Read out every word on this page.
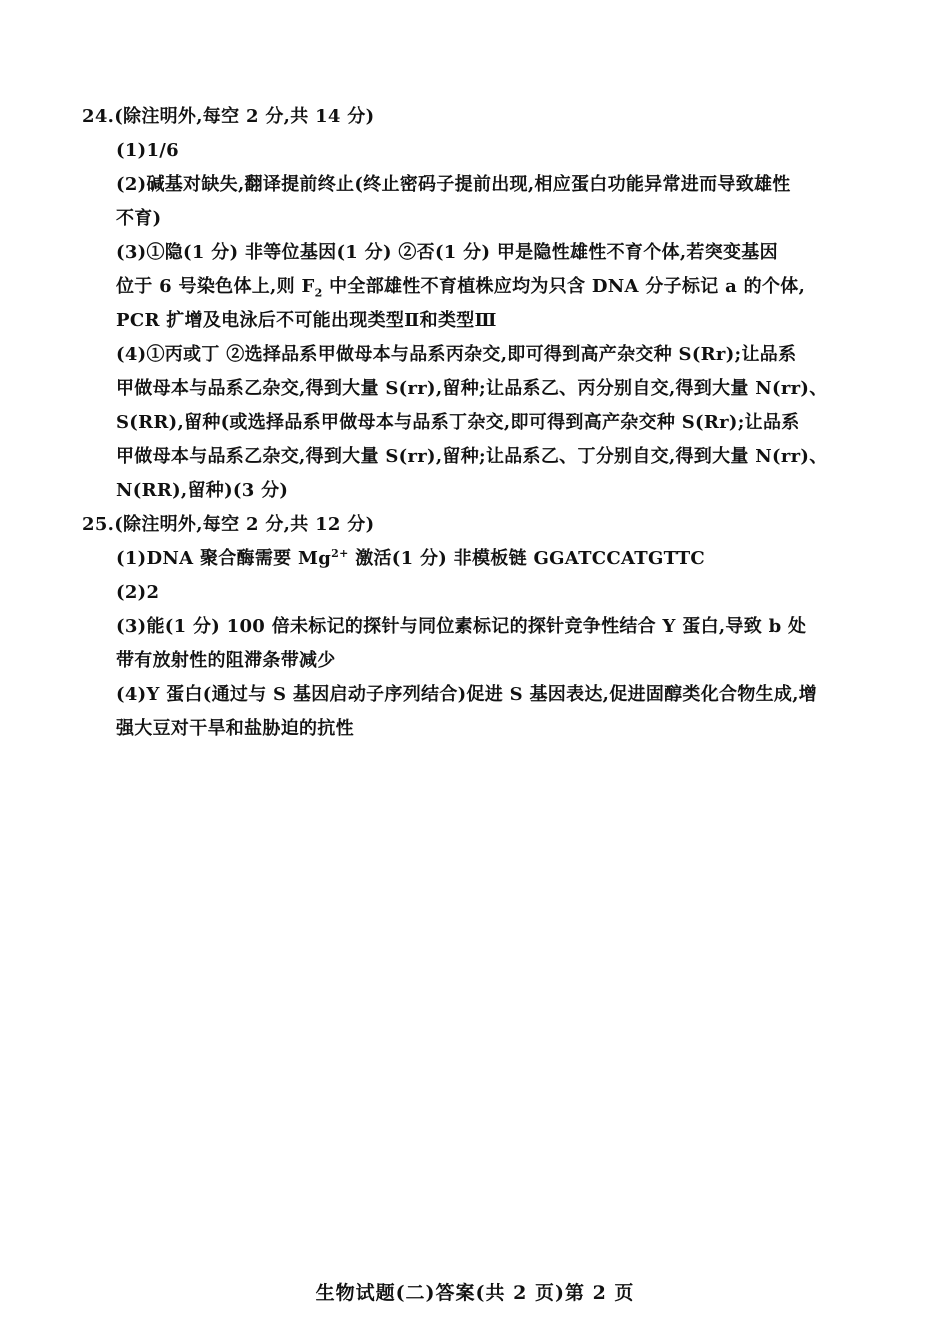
24.(除注明外,每空 2 分,共 14 分)
(1)1/6
(2)碱基对缺失,翻译提前终止(终止密码子提前出现,相应蛋白功能异常进而导致雄性
不育)
(3)①隐(1 分) 非等位基因(1 分) ②否(1 分) 甲是隐性雄性不育个体,若突变基因
位于 6 号染色体上,则 $F_2$ 中全部雄性不育植株应均为只含 DNA 分子标记 a 的个体,
PCR 扩增及电泳后不可能出现类型Ⅱ和类型Ⅲ
(4)①丙或丁 ②选择品系甲做母本与品系丙杂交,即可得到高产杂交种 S(Rr);让品系
甲做母本与品系乙杂交,得到大量 S(rr),留种;让品系乙、丙分别自交,得到大量 N(rr)、
S(RR),留种(或选择品系甲做母本与品系丁杂交,即可得到高产杂交种 S(Rr);让品系
甲做母本与品系乙杂交,得到大量 S(rr),留种;让品系乙、丁分别自交,得到大量 N(rr)、
N(RR),留种)(3 分)
25.(除注明外,每空 2 分,共 12 分)
(1)DNA 聚合酶需要 $Mg^{2+}$ 激活(1 分) 非模板链 GGATCCATGTTC
(2)2
(3)能(1 分) 100 倍未标记的探针与同位素标记的探针竞争性结合 Y 蛋白,导致 b 处
带有放射性的阻滞条带减少
(4)Y 蛋白(通过与 S 基因启动子序列结合)促进 S 基因表达,促进固醇类化合物生成,增
强大豆对干旱和盐胁迫的抗性
生物试题(二)答案(共 2 页)第 2 页
